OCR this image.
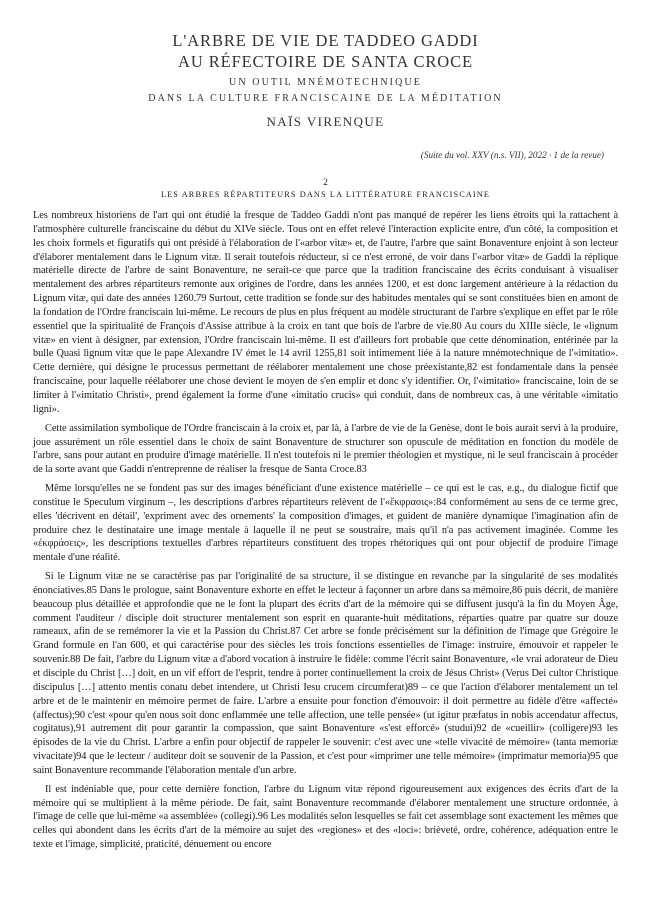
L'ARBRE DE VIE DE TADDEO GADDI
AU RÉFECTOIRE DE SANTA CROCE
UN OUTIL MNÉMOTECHNIQUE
DANS LA CULTURE FRANCISCAINE DE LA MÉDITATION
NAÏS VIRENQUE
(Suite du vol. XXV (n.s. VII), 2022 · 1 de la revue)
2
LES ARBRES RÉPARTITEURS DANS LA LITTÉRATURE FRANCISCAINE

Les nombreux historiens de l'art qui ont étudié la fresque de Taddeo Gaddi n'ont pas manqué de repérer les liens étroits qui la rattachent à l'atmosphère culturelle franciscaine du début du XIVe siècle. Tous ont en effet relevé l'interaction explicite entre, d'un côté, la composition et les choix formels et figuratifs qui ont présidé à l'élaboration de l'«arbor vitæ» et, de l'autre, l'arbre que saint Bonaventure enjoint à son lecteur d'élaborer mentalement dans le Lignum vitæ. Il serait toutefois réducteur, si ce n'est erroné, de voir dans l'«arbor vitæ» de Gaddi la réplique matérielle directe de l'arbre de saint Bonaventure, ne serait-ce que parce que la tradition franciscaine des écrits conduisant à visualiser mentalement des arbres répartiteurs remonte aux origines de l'ordre, dans les années 1200, et est donc largement antérieure à la rédaction du Lignum vitæ, qui date des années 1260.79 Surtout, cette tradition se fonde sur des habitudes mentales qui se sont constituées bien en amont de la fondation de l'Ordre franciscain lui-même. Le recours de plus en plus fréquent au modèle structurant de l'arbre s'explique en effet par le rôle essentiel que la spiritualité de François d'Assise attribue à la croix en tant que bois de l'arbre de vie.80 Au cours du XIIIe siècle, le «lignum vitæ» en vient à désigner, par extension, l'Ordre franciscain lui-même. Il est d'ailleurs fort probable que cette dénomination, entérinée par la bulle Quasi lignum vitæ que le pape Alexandre IV émet le 14 avril 1255,81 soit intimement liée à la nature mnémotechnique de l'«imitatio». Cette dernière, qui désigne le processus permettant de réélaborer mentalement une chose préexistante,82 est fondamentale dans la pensée franciscaine, pour laquelle réélaborer une chose devient le moyen de s'en emplir et donc s'y identifier. Or, l'«imitatio» franciscaine, loin de se limiter à l'«imitatio Christi», prend également la forme d'une «imitatio crucis» qui conduit, dans de nombreux cas, à une véritable «imitatio ligni».

Cette assimilation symbolique de l'Ordre franciscain à la croix et, par là, à l'arbre de vie de la Genèse, dont le bois aurait servi à la produire, joue assurément un rôle essentiel dans le choix de saint Bonaventure de structurer son opuscule de méditation en fonction du modèle de l'arbre, sans pour autant en produire d'image matérielle. Il n'est toutefois ni le premier théologien et mystique, ni le seul franciscain à procéder de la sorte avant que Gaddi n'entreprenne de réaliser la fresque de Santa Croce.83

Même lorsqu'elles ne se fondent pas sur des images bénéficiant d'une existence matérielle – ce qui est le cas, e.g., du dialogue fictif que constitue le Speculum virginum –, les descriptions d'arbres répartiteurs relèvent de l'«ἔκφρασις»:84 conformément au sens de ce terme grec, elles 'décrivent en détail', 'expriment avec des ornements' la composition d'images, et guident de manière dynamique l'imagination afin de produire chez le destinataire une image mentale à laquelle il ne peut se soustraire, mais qu'il n'a pas activement imaginée. Comme les «ἐκφράσεις», les descriptions textuelles d'arbres répartiteurs constituent des tropes rhétoriques qui ont pour objectif de produire l'image mentale d'une réalité.

Si le Lignum vitæ ne se caractérise pas par l'originalité de sa structure, il se distingue en revanche par la singularité de ses modalités énonciatives.85 Dans le prologue, saint Bonaventure exhorte en effet le lecteur à façonner un arbre dans sa mémoire,86 puis décrit, de manière beaucoup plus détaillée et approfondie que ne le font la plupart des écrits d'art de la mémoire qui se diffusent jusqu'à la fin du Moyen Âge, comment l'auditeur / disciple doit structurer mentalement son esprit en quarante-huit méditations, réparties quatre par quatre sur douze rameaux, afin de se remémorer la vie et la Passion du Christ.87 Cet arbre se fonde précisément sur la définition de l'image que Grégoire le Grand formule en l'an 600, et qui caractérise pour des siècles les trois fonctions essentielles de l'image: instruire, émouvoir et rappeler le souvenir.88 De fait, l'arbre du Lignum vitæ a d'abord vocation à instruire le fidèle: comme l'écrit saint Bonaventure, «le vrai adorateur de Dieu et disciple du Christ […] doit, en un vif effort de l'esprit, tendre à porter continuellement la croix de Jésus Christ» (Verus Dei cultor Christique discipulus […] attento mentis conatu debet intendere, ut Christi Iesu crucem circumferat)89 – ce que l'action d'élaborer mentalement un tel arbre et de le maintenir en mémoire permet de faire. L'arbre a ensuite pour fonction d'émouvoir: il doit permettre au fidèle d'être «affecté» (affectus);90 c'est «pour qu'en nous soit donc enflammée une telle affection, une telle pensée» (ut igitur præfatus in nobis accendatur affectus, cogitatus),91 autrement dit pour garantir la compassion, que saint Bonaventure «s'est efforcé» (studui)92 de «cueillir» (colligere)93 les épisodes de la vie du Christ. L'arbre a enfin pour objectif de rappeler le souvenir: c'est avec une «telle vivacité de mémoire» (tanta memoriæ vivacitate)94 que le lecteur / auditeur doit se souvenir de la Passion, et c'est pour «imprimer une telle mémoire» (imprimatur memoria)95 que saint Bonaventure recommande l'élaboration mentale d'un arbre.

Il est indéniable que, pour cette dernière fonction, l'arbre du Lignum vitæ répond rigoureusement aux exigences des écrits d'art de la mémoire qui se multiplient à la même période. De fait, saint Bonaventure recommande d'élaborer mentalement une structure ordonnée, à l'image de celle que lui-même «a assemblée» (collegi).96 Les modalités selon lesquelles se fait cet assemblage sont exactement les mêmes que celles qui abondent dans les écrits d'art de la mémoire au sujet des «regiones» et des «loci»: brièveté, ordre, cohérence, adéquation entre le texte et l'image, simplicité, praticité, dénuement ou encore
